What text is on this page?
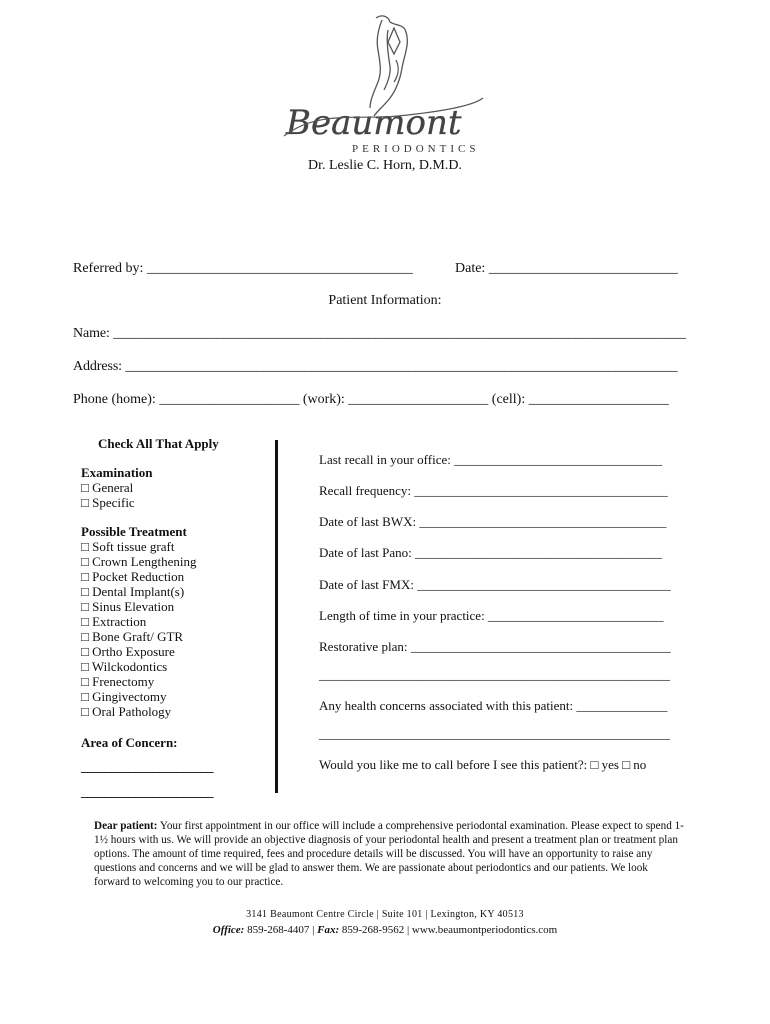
Beaumont
PERIODONTICS
Dr. Leslie C. Horn, D.M.D.
Referred by: ______________________________________	Date: ___________________________
Patient Information:
Name: ___________________________________________________________________________________
Address: ________________________________________________________________________________
Phone (home): ____________________ (work): ____________________ (cell): ____________________
Check All That Apply
Examination
□ General
□ Specific
Possible Treatment
□ Soft tissue graft
□ Crown Lengthening
□ Pocket Reduction
□ Dental Implant(s)
□ Sinus Elevation
□ Extraction
□ Bone Graft/ GTR
□ Ortho Exposure
□ Wilckodontics
□ Frenectomy
□ Gingivectomy
□ Oral Pathology
Area of Concern:
______________________
______________________
Last recall in your office: ________________________________
Recall frequency: _______________________________________
Date of last BWX: ______________________________________
Date of last Pano: ______________________________________
Date of last FMX: _______________________________________
Length of time in your practice: ___________________________
Restorative plan: ________________________________________
______________________________________________________
Any health concerns associated with this patient: ______________
______________________________________________________
Would you like me to call before I see this patient?: □ yes □ no
Dear patient: Your first appointment in our office will include a comprehensive periodontal examination. Please expect to spend 1-1½ hours with us. We will provide an objective diagnosis of your periodontal health and present a treatment plan or treatment plan options. The amount of time required, fees and procedure details will be discussed. You will have an opportunity to raise any questions and concerns and we will be glad to answer them. We are passionate about periodontics and our patients. We look forward to welcoming you to our practice.
3141 Beaumont Centre Circle | Suite 101 | Lexington, KY 40513
Office: 859-268-4407 | Fax: 859-268-9562 | www.beaumontperiodontics.com
